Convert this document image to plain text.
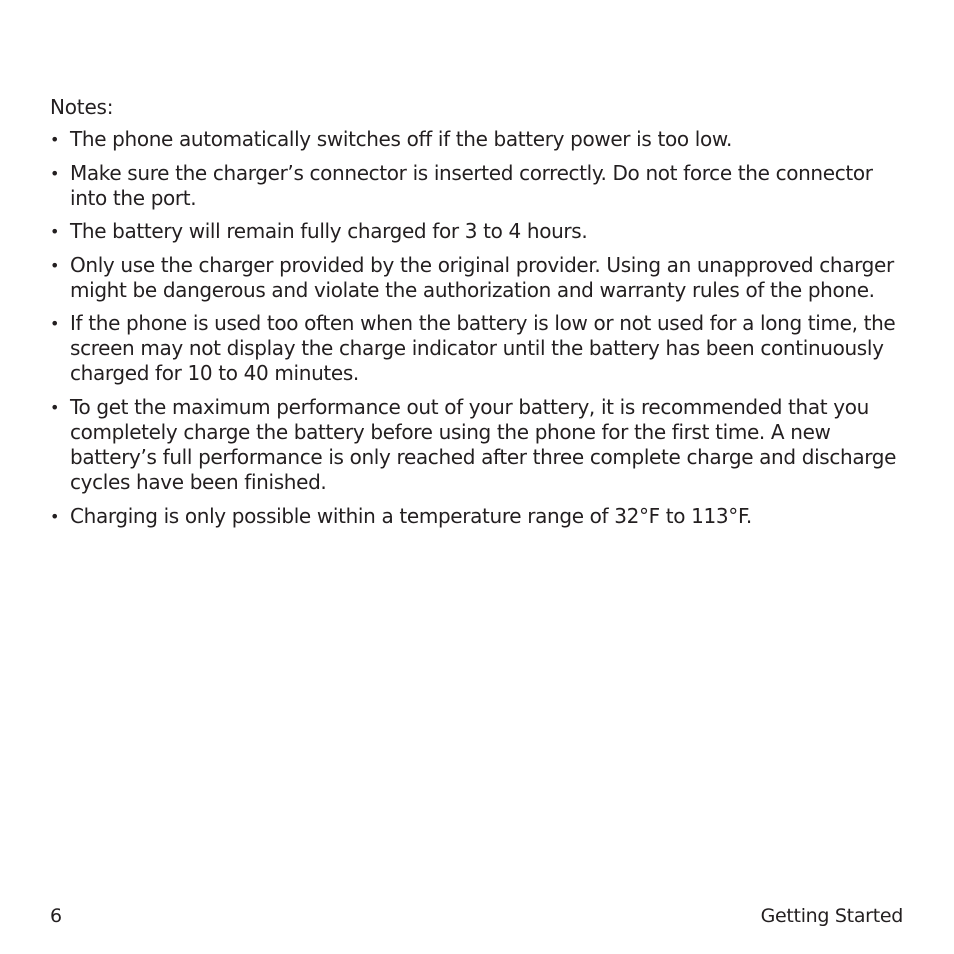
Notes:
• The phone automatically switches off if the battery power is too low.
• Make sure the charger’s connector is inserted correctly. Do not force the connector into the port.
• The battery will remain fully charged for 3 to 4 hours.
• Only use the charger provided by the original provider. Using an unapproved charger might be dangerous and violate the authorization and warranty rules of the phone.
• If the phone is used too often when the battery is low or not used for a long time, the screen may not display the charge indicator until the battery has been continuously charged for 10 to 40 minutes.
• To get the maximum performance out of your battery, it is recommended that you completely charge the battery before using the phone for the first time. A new battery’s full performance is only reached after three complete charge and discharge cycles have been finished.
• Charging is only possible within a temperature range of 32°F to 113°F.
6	Getting Started
